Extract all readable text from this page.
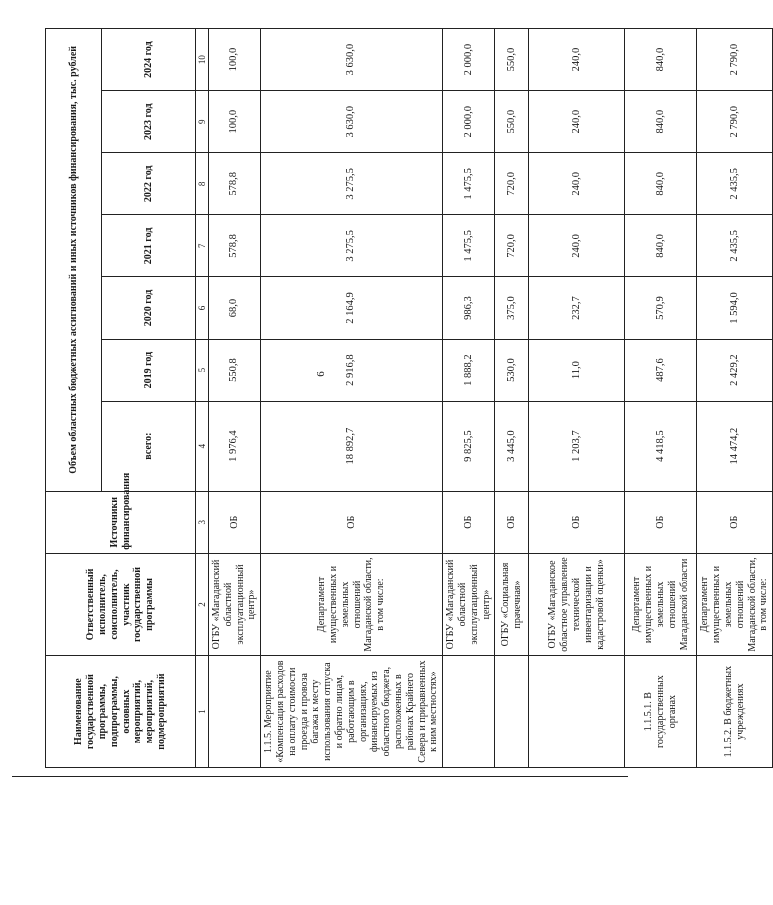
6
Наименование государственной программы, подпрограммы, основных мероприятий, мероприятий, подмероприятий	Ответственный исполнитель, соисполнитель, участник государственной программы	Источники финансирования	Объем областных бюджетных ассигнований и иных источников финансирования, тыс. рублей						
			всего:	2019 год	2020 год	2021 год	2022 год	2023 год	2024 год
1	2	3	4	5	6	7	8	9	10
	ОГБУ «Магаданский областной эксплуатационный центр»	ОБ	1 976,4	550,8	68,0	578,8	578,8	100,0	100,0
1.1.5. Мероприятие «Компенсация расходов на оплату стоимости проезда и провоза багажа к месту использования отпуска и обратно лицам, работающим в организациях, финансируемых из областного бюджета, расположенных в районах Крайнего Севера и приравненных к ним местностях»	Департамент имущественных и земельных отношений Магаданской области, в том числе:	ОБ	18 892,7	2 916,8	2 164,9	3 275,5	3 275,5	3 630,0	3 630,0
	ОГБУ «Магаданский областной эксплуатационный центр»	ОБ	9 825,5	1 888,2	986,3	1 475,5	1 475,5	2 000,0	2 000,0
	ОГБУ «Социальная прачечная»	ОБ	3 445,0	530,0	375,0	720,0	720,0	550,0	550,0
	ОГБУ «Магаданское областное управление технической инвентаризации и кадастровой оценки»	ОБ	1 203,7	11,0	232,7	240,0	240,0	240,0	240,0
1.1.5.1. В государственных органах	Департамент имущественных и земельных отношений Магаданской области	ОБ	4 418,5	487,6	570,9	840,0	840,0	840,0	840,0
1.1.5.2. В бюджетных учреждениях	Департамент имущественных и земельных отношений Магаданской области, в том числе:	ОБ	14 474,2	2 429,2	1 594,0	2 435,5	2 435,5	2 790,0	2 790,0
